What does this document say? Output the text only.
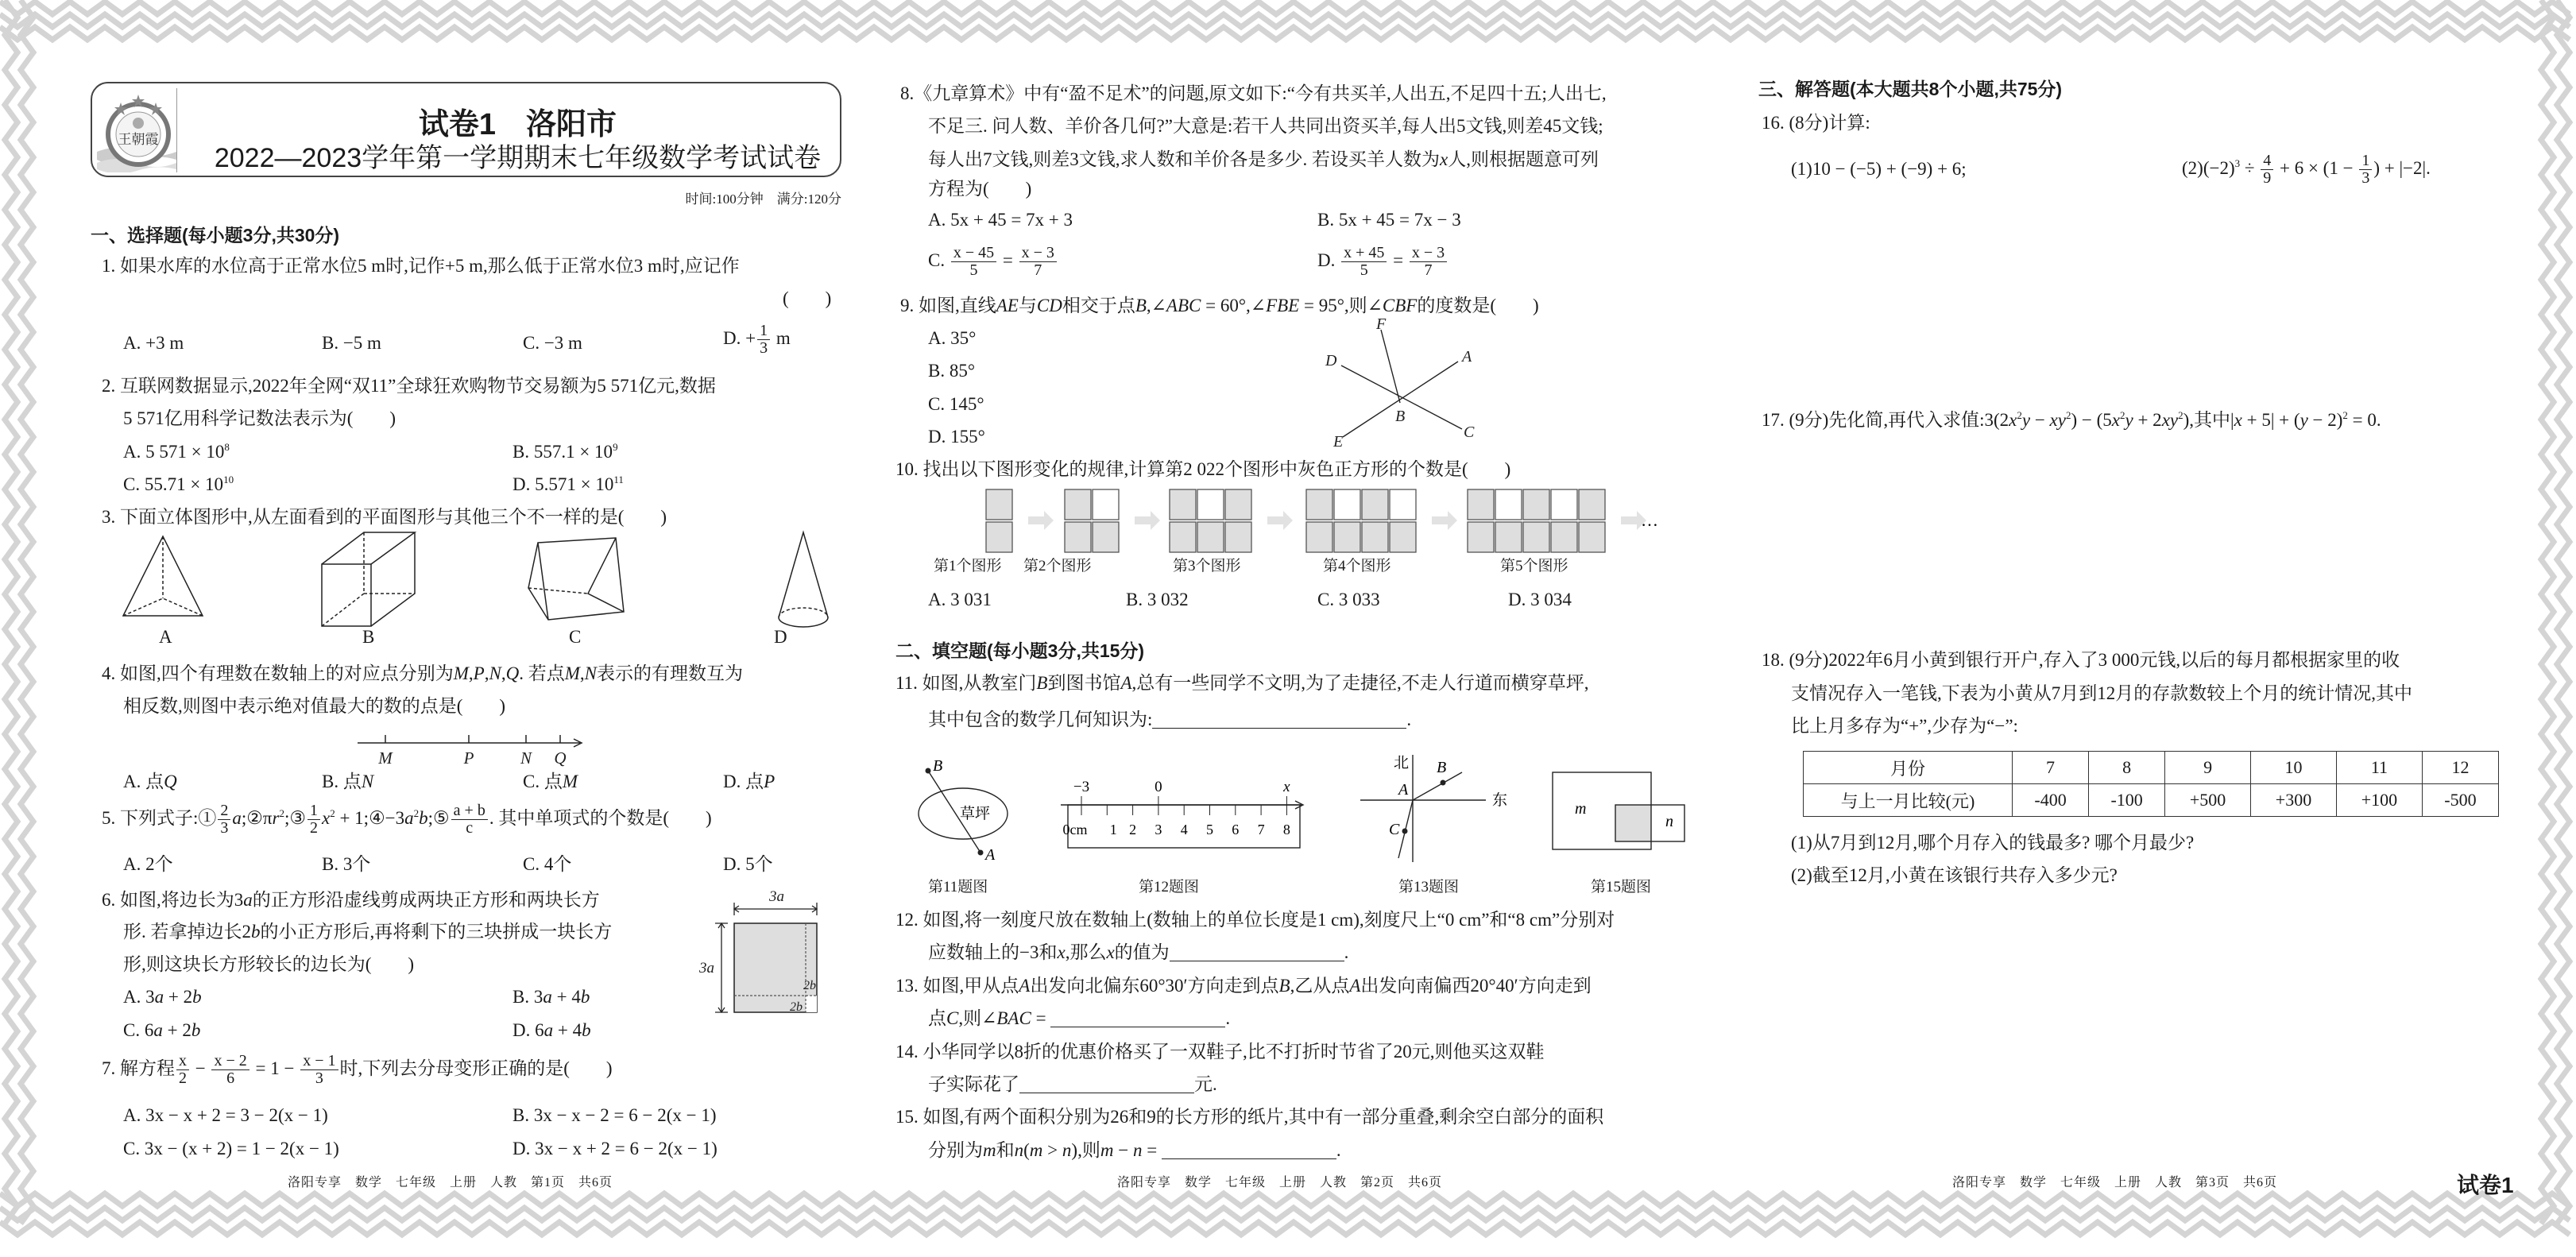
王朝霞	试卷1　洛阳市
2022—2023学年第一学期期末七年级数学考试试卷
时间:100分钟　满分:120分
一、选择题(每小题3分,共30分)
1. 如果水库的水位高于正常水位5 m时,记作+5 m,那么低于正常水位3 m时,应记作
(　　)
A. +3 m	B. −5 m	C. −3 m	D. + $\frac{1}{3}$ m
2. 互联网数据显示,2022年全网“双11”全球狂欢购物节交易额为5 571亿元,数据
5 571亿用科学记数法表示为(　　)
A. 5 $571 \times 10^8$	B. $557.1 \times 10^9$
C. $55.71 \times 10^{10}$	D. $5.571 \times 10^{11}$
3. 下面立体图形中,从左面看到的平面图形与其他三个不一样的是(　　)
A	B	C	D
4. 如图,四个有理数在数轴上的对应点分别为M,P,N,Q. 若点M,N表示的有理数互为
相反数,则图中表示绝对值最大的数的点是(　　)
M	P	N Q
A. 点Q	B. 点N	C. 点M	D. 点P
5. 下列式子:① $\frac{2}{3}$ $a;②\pi r^2;③ \frac{1}{2} x^2$ + $1;④-3a^2b;⑤ \frac{a + b}{c}$ . 其中单项式的个数是(　　)
A. 2个	B. 3个	C. 4个	D. 5个
6. 如图,将边长为3a的正方形沿虚线剪成两块正方形和两块长方
形. 若拿掉边长2b的小正方形后,再将剩下的三块拼成一块长方
形,则这块长方形较长的边长为(　　)
3a
3a
2b
2b
A. 3a + 2b	B. 3a + 4b
C. 6a + 2b	D. 6a + 4b
7. 解方程 $\frac{x}{2} - \frac{x - 2}{6} = 1 - \frac{x - 1}{3}$ 时,下列去分母变形正确的是(　　)
A. 3x − x + 2 = 3 − 2(x − 1)	B. 3x − x − 2 = 6 − 2(x − 1)
C. 3x − (x + 2) = 1 − 2(x − 1)	D. 3x − x + 2 = 6 − 2(x − 1)
洛阳专享　数学　七年级　上册　人教　第1页　共6页
8.《九章算术》中有“盈不足术”的问题,原文如下:“今有共买羊,人出五,不足四十五;人出七,
不足三. 问人数、羊价各几何?”大意是:若干人共同出资买羊,每人出5文钱,则差45文钱;
每人出7文钱,则差3文钱,求人数和羊价各是多少. 若设买羊人数为x人,则根据题意可列
方程为(　　)
A. 5x + 45 = 7x + 3	B. 5x + 45 = 7x − 3
C. $\frac{x - 45}{5} = \frac{x - 3}{7}$	D. $\frac{x + 45}{5} = \frac{x - 3}{7}$
9. 如图,直线AE与CD相交于点B,∠ABC = 60°,∠FBE = 95°,则∠CBF的度数是(　　)
A. 35°
B. 85°
C. 145°
D. 155°
F
D	A
B
C
E
10. 找出以下图形变化的规律,计算第2 022个图形中灰色正方形的个数是(　　)
…
第1个图形 第2个图形	第3个图形	第4个图形	第5个图形
A. 3 031	B. 3 032	C. 3 033	D. 3 034
二、填空题(每小题3分,共15分)
11. 如图,从教室门B到图书馆A,总有一些同学不文明,为了走捷径,不走人行道而横穿草坪,
其中包含的数学几何知识为:	.
草坪
B
A
−3	0	x
0cm 1 2 3 4 5 6 7 8
北
东
A
B
C
m
n
第11题图	第12题图	第13题图	第15题图
12. 如图,将一刻度尺放在数轴上(数轴上的单位长度是1 cm),刻度尺上“0 cm”和“8 cm”分别对
应数轴上的−3和x,那么x的值为	.
13. 如图,甲从点A出发向北偏东60°30′方向走到点B,乙从点A出发向南偏西20°40′方向走到
点C,则∠BAC =	.
14. 小华同学以8折的优惠价格买了一双鞋子,比不打折时节省了20元,则他买这双鞋
子实际花了	元.
15. 如图,有两个面积分别为26和9的长方形的纸片,其中有一部分重叠,剩余空白部分的面积
分别为m和n(m > n),则m − n =	.
洛阳专享　数学　七年级　上册　人教　第2页　共6页
三、解答题(本大题共8个小题,共75分)
16. (8分)计算:
(1)10 − (−5) + (−9) + 6;	$(2)(-2)^3 \div \frac{4}{9} + 6 \times (1 - \frac{1}{3}$ ) + |−2|.
17. (9分)先化简,再代入求值$:3(2x^2y - xy^2) - (5x^2y + 2xy^2)$,其中$|x + 5| + (y - 2)^2 = 0$.
18. (9分)2022年6月小黄到银行开户,存入了3 000元钱,以后的每月都根据家里的收
支情况存入一笔钱,下表为小黄从7月到12月的存款数较上个月的统计情况,其中
比上月多存为“+”,少存为“−”:
月份	7	8	9	10	11	12
与上一月比较(元)	-400	-100	+500	+300	+100	-500
(1)从7月到12月,哪个月存入的钱最多? 哪个月最少?
(2)截至12月,小黄在该银行共存入多少元?
洛阳专享　数学　七年级　上册　人教　第3页　共6页	试卷1
